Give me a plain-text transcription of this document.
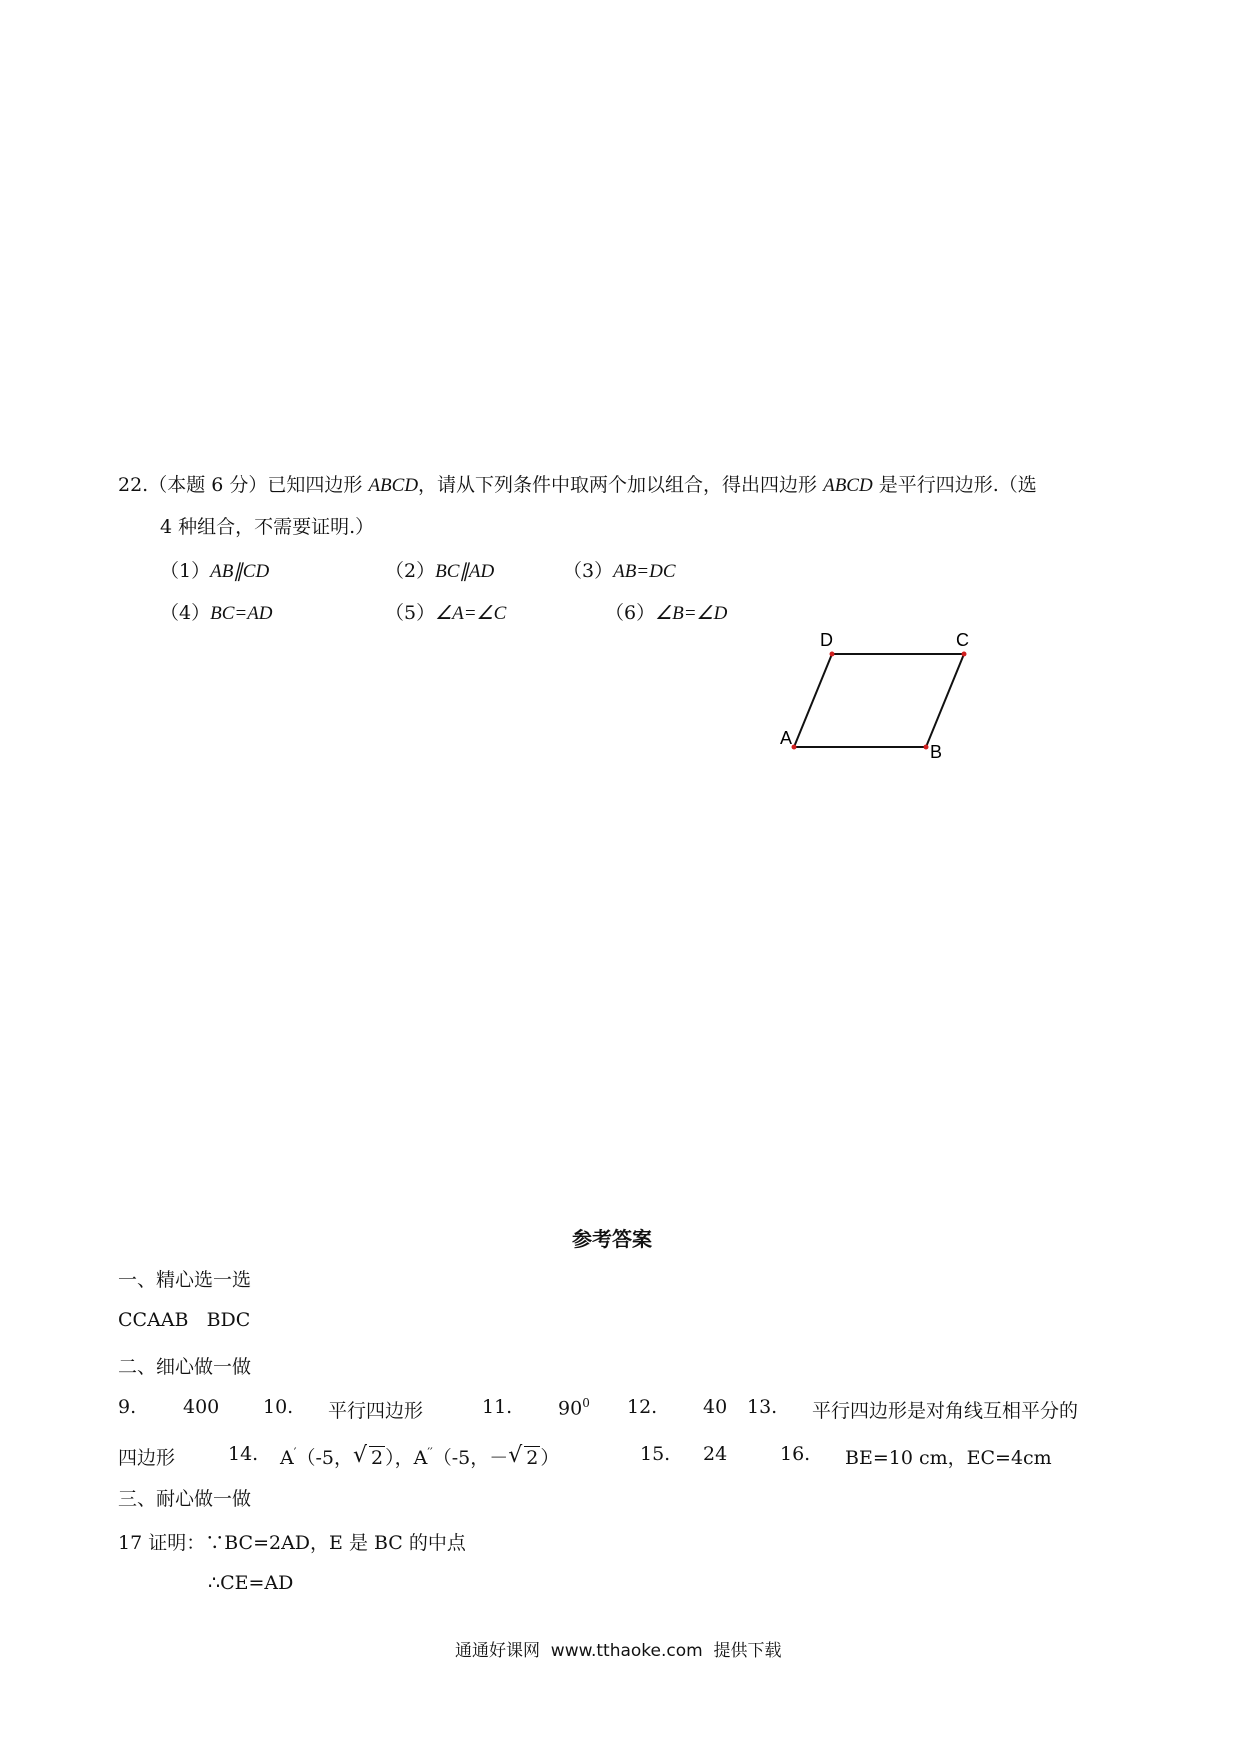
22.（本题 6 分）已知四边形 ABCD，请从下列条件中取两个加以组合，得出四边形 ABCD 是平行四边形.（选
4 种组合，不需要证明.）
（1）AB∥CD	（2）BC∥AD	（3）AB=DC
（4）BC=AD	（5）∠A=∠C	（6）∠B=∠D
A
B
C
D
参考答案
一、精心选一选
CCAAB   BDC
二、细心做一做
9. 400 10. 平行四边形	11. $90^0$ 12. 40 13. 平行四边形是对角线互相平分的
四边形	14. A′（-5， √ 2 ），A′′（-5，－ √ 2 ）	15. 24	16. BE=10 cm，EC=4cm
三、耐心做一做
17 证明：∵BC=2AD，E 是 BC 的中点
∴CE=AD
通通好课网  www.tthaoke.com  提供下载
